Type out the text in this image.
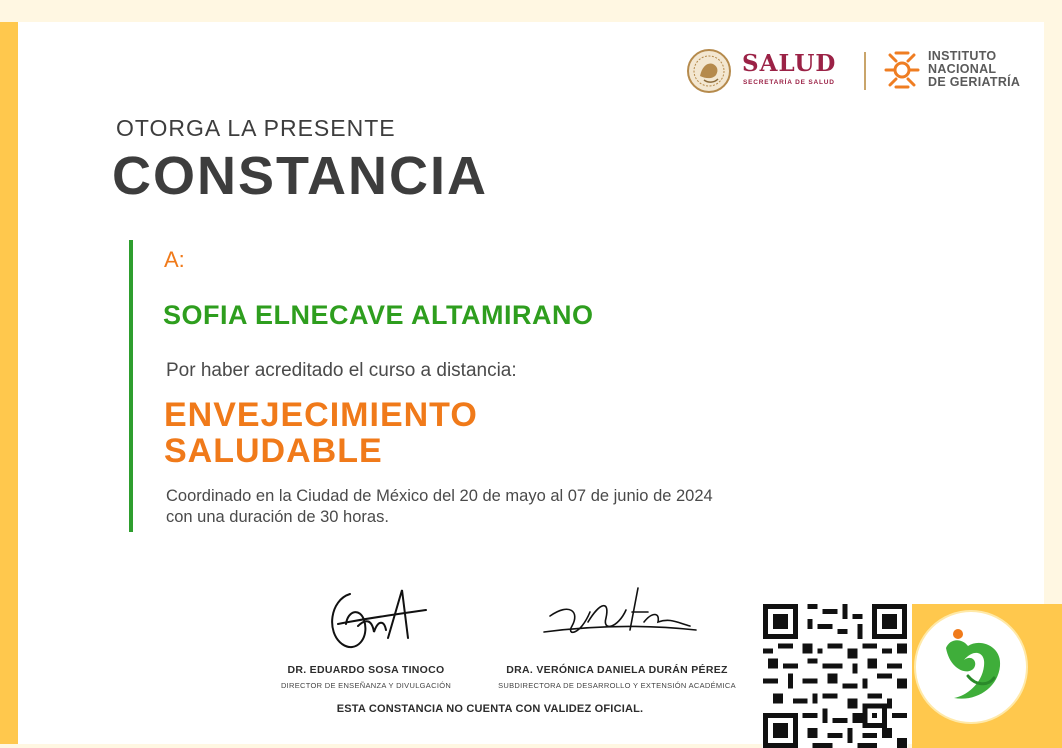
SALUD
SECRETARÍA DE SALUD
INSTITUTO
NACIONAL
DE GERIATRÍA
OTORGA LA PRESENTE
CONSTANCIA
A:
SOFIA ELNECAVE ALTAMIRANO
Por haber acreditado el curso a distancia:
ENVEJECIMIENTO
SALUDABLE
Coordinado en la Ciudad de México del 20 de mayo al 07 de junio de 2024
con una duración de 30 horas.
DR. EDUARDO SOSA TINOCO
DIRECTOR DE ENSEÑANZA Y DIVULGACIÓN
DRA. VERÓNICA DANIELA DURÁN PÉREZ
SUBDIRECTORA DE DESARROLLO Y EXTENSIÓN ACADÉMICA
ESTA CONSTANCIA NO CUENTA CON VALIDEZ OFICIAL.
